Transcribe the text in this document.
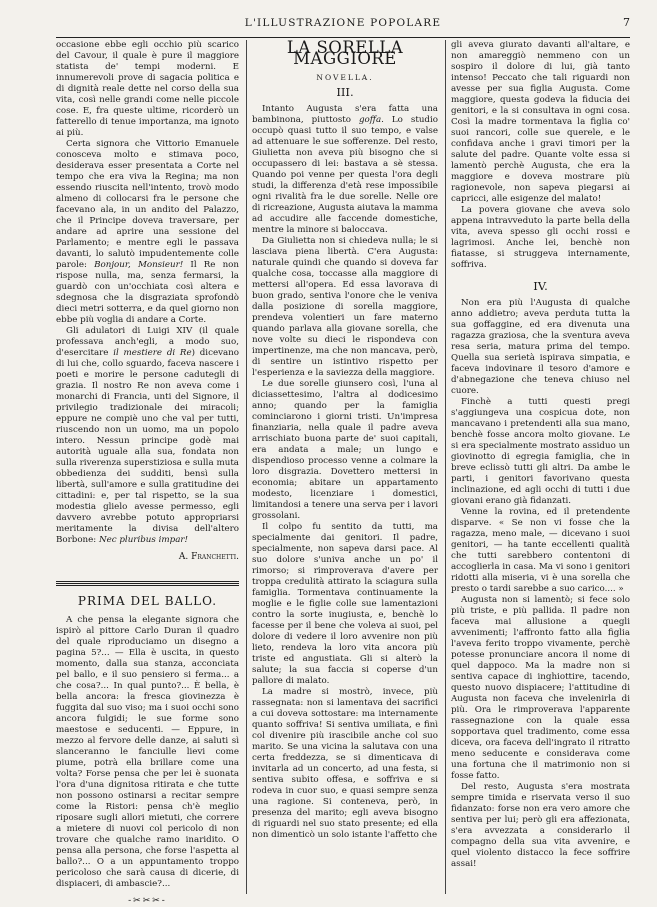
L'ILLUSTRAZIONE POPOLARE	7

occasione ebbe egli occhio più scarico del Cavour, il quale è pure il maggiore statista de' tempi moderni. E innumerevoli prove di sagacia politica e di dignità reale dette nel corso della sua vita, così nelle grandi come nelle piccole cose. E, fra queste ultime, ricorderò un fatterello di tenue importanza, ma ignoto ai più.

Certa signora che Vittorio Emanuele conosceva molto e stimava poco, desiderava esser presentata a Corte nel tempo che era viva la Regina; ma non essendo riuscita nell'intento, trovò modo almeno di collocarsi fra le persone che facevano ala, in un andito del Palazzo, che il Principe doveva traversare, per andare ad aprire una sessione del Parlamento; e mentre egli le passava davanti, lo salutò impudentemente colle parole: Bonjour, Monsieur! Il Re non rispose nulla, ma, senza fermarsi, la guardò con un'occhiata così altera e sdegnosa che la disgraziata sprofondò dieci metri sotterra, e da quel giorno non ebbe più voglia di andare a Corte.

Gli adulatori di Luigi XIV (il quale professava anch'egli, a modo suo, d'esercitare il mestiere di Re) dicevano di lui che, collo sguardo, faceva nascere i poeti e morire le persone cadutegli di grazia. Il nostro Re non aveva come i monarchi di Francia, unti del Signore, il privilegio tradizionale dei miracoli; eppure ne compiè uno che val per tutti, riuscendo non un uomo, ma un popolo intero. Nessun principe godè mai autorità uguale alla sua, fondata non sulla riverenza superstiziosa e sulla muta obbedienza dei sudditi, bensì sulla libertà, sull'amore e sulla gratitudine dei cittadini: e, per tal rispetto, se la sua modestia glielo avesse permesso, egli davvero avrebbe potuto appropriarsi meritamente la divisa dell'altero Borbone: Nec pluribus impar!

A. Franchetti.
PRIMA DEL BALLO.

A che pensa la elegante signora che ispirò al pittore Carlo Duran il quadro del quale riproduciamo un disegno a pagina 5?... — Ella è uscita, in questo momento, dalla sua stanza, acconciata pel ballo, e il suo pensiero si ferma... a che cosa?... In qual punto?... È bella, è bella ancora: la fresca giovinezza è fuggita dal suo viso; ma i suoi occhi sono ancora fulgidi; le sue forme sono maestose e seducenti. — Eppure, in mezzo al fervore delle danze, ai saluti sì slanceranno le fanciulle lievi come piume, potrà ella brillare come una volta? Forse pensa che per lei è suonata l'ora d'una dignitosa ritirata e che tutte non possono ostinarsi a recitar sempre come la Ristori: pensa ch'è meglio riposare sugli allori mietuti, che correre a mietere di nuovi col pericolo di non trovare che qualche ramo inaridito. O pensa alla persona, che forse l'aspetta al ballo?... O a un appuntamento troppo pericoloso che sarà causa di dicerie, di dispiaceri, di ambascie?...

-✂✂✂-
LA SORELLA MAGGIORE
NOVELLA.
III.

Intanto Augusta s'era fatta una bambinona, piuttosto goffa. Lo studio occupò quasi tutto il suo tempo, e valse ad attenuare le sue sofferenze. Del resto, Giulietta non aveva più bisogno che si occupassero di lei: bastava a sè stessa. Quando poi venne per questa l'ora degli studi, la differenza d'età rese impossibile ogni rivalità fra le due sorelle. Nelle ore di ricreazione, Augusta aiutava la mamma ad accudire alle faccende domestiche, mentre la minore si baloccava.

Da Giulietta non si chiedeva nulla; le si lasciava piena libertà. C'era Augusta: naturale quindi che quando si doveva far qualche cosa, toccasse alla maggiore di mettersi all'opera. Ed essa lavorava di buon grado, sentiva l'onore che le veniva dalla posizione di sorella maggiore, prendeva volentieri un fare materno quando parlava alla giovane sorella, che nove volte su dieci le rispondeva con impertinenze, ma che non mancava, però, di sentire un istintivo rispetto per l'esperienza e la saviezza della maggiore.

Le due sorelle giunsero così, l'una al diciassettesimo, l'altra al dodicesimo anno; quando per la famiglia cominciarono i giorni tristi. Un'impresa finanziaria, nella quale il padre aveva arrischiato buona parte de' suoi capitali, era andata a male; un lungo e dispendioso processo venne a colmare la loro disgrazia. Dovettero mettersi in economia; abitare un appartamento modesto, licenziare i domestici, limitandosi a tenere una serva per i lavori grossolani.

Il colpo fu sentito da tutti, ma specialmente dai genitori. Il padre, specialmente, non sapeva darsi pace. Al suo dolore s'univa anche un po' il rimorso; si rimproverava d'avere per troppa credulità attirato la sciagura sulla famiglia. Tormentava continuamente la moglie e le figlie colle sue lamentazioni contro la sorte inugiusta, e, benchè lo facesse per il bene che voleva ai suoi, pel dolore di vedere il loro avvenire non più lieto, rendeva la loro vita ancora più triste ed angustiata. Gli si alterò la salute; la sua faccia si coperse d'un pallore di malato.

La madre si mostrò, invece, più rassegnata: non si lamentava dei sacrifici a cui doveva sottostare: ma internamente quanto soffriva! Si sentiva umiliata, e finì col divenire più irascibile anche col suo marito. Se una vicina la salutava con una certa freddezza, se si dimenticava di invitarla ad un concerto, ad una festa, si sentiva subito offesa, e soffriva e si rodeva in cuor suo, e quasi sempre senza una ragione. Si conteneva, però, in presenza del marito; egli aveva bisogno di riguardi nel suo stato presente; ed ella non dimenticò un solo istante l'affetto che

gli aveva giurato davanti all'altare, e non amareggiò nemmeno con un sospiro il dolore di lui, già tanto intenso! Peccato che tali riguardi non avesse per sua figlia Augusta. Come maggiore, questa godeva la fiducia dei genitori, e la si consultava in ogni cosa. Così la madre tormentava la figlia co' suoi rancori, colle sue querele, e le confidava anche i gravi timori per la salute del padre. Quante volte essa si lamentò perchè Augusta, che era la maggiore e doveva mostrare più ragionevole, non sapeva piegarsi ai capricci, alle esigenze del malato!

La povera giovane che aveva solo appena intravveduto la parte bella della vita, aveva spesso gli occhi rossi e lagrimosi. Anche lei, benchè non fiatasse, si struggeva internamente, soffriva.

IV.

Non era più l'Augusta di qualche anno addietro; aveva perduta tutta la sua goffaggine, ed era divenuta una ragazza graziosa, che la sventura aveva resa seria, matura prima del tempo. Quella sua serietà ispirava simpatia, e faceva indovinare il tesoro d'amore e d'abnegazione che teneva chiuso nel cuore.

Finchè a tutti questi pregi s'aggiungeva una cospicua dote, non mancavano i pretendenti alla sua mano, benchè fosse ancora molto giovane. Le si era specialmente mostrato assiduo un giovinotto di egregia famiglia, che in breve eclissò tutti gli altri. Da ambe le parti, i genitori favorivano questa inclinazione, ed agli occhi di tutti i due giovani erano già fidanzati.

Venne la rovina, ed il pretendente disparve. « Se non vi fosse che la ragazza, meno male, — dicevano i suoi genitori, — ha tante eccellenti qualità che tutti sarebbero contentoni di accoglierla in casa. Ma vi sono i genitori ridotti alla miseria, vi è una sorella che presto o tardi sarebbe a suo carico.... »

Augusta non si lamentò; si fece solo più triste, e più pallida. Il padre non faceva mai allusione a quegli avvenimenti; l'affronto fatto alla figlia l'aveva ferito troppo vivamente, perchè potesse pronunciare ancora il nome di quel dappoco. Ma la madre non si sentiva capace di inghiottire, tacendo, questo nuovo dispiacere; l'attitudine di Augusta non faceva che invelenirla di più. Ora le rimproverava l'apparente rassegnazione con la quale essa sopportava quel tradimento, come essa diceva, ora faceva dell'ingrato il ritratto meno seducente e considerava come una fortuna che il matrimonio non si fosse fatto.

Del resto, Augusta s'era mostrata sempre timida e riservata verso il suo fidanzato: forse non era vero amore che sentiva per lui; però gli era affezionata, s'era avvezzata a considerarlo il compagno della sua vita avvenire, e quel violento distacco la fece soffrire assai!
